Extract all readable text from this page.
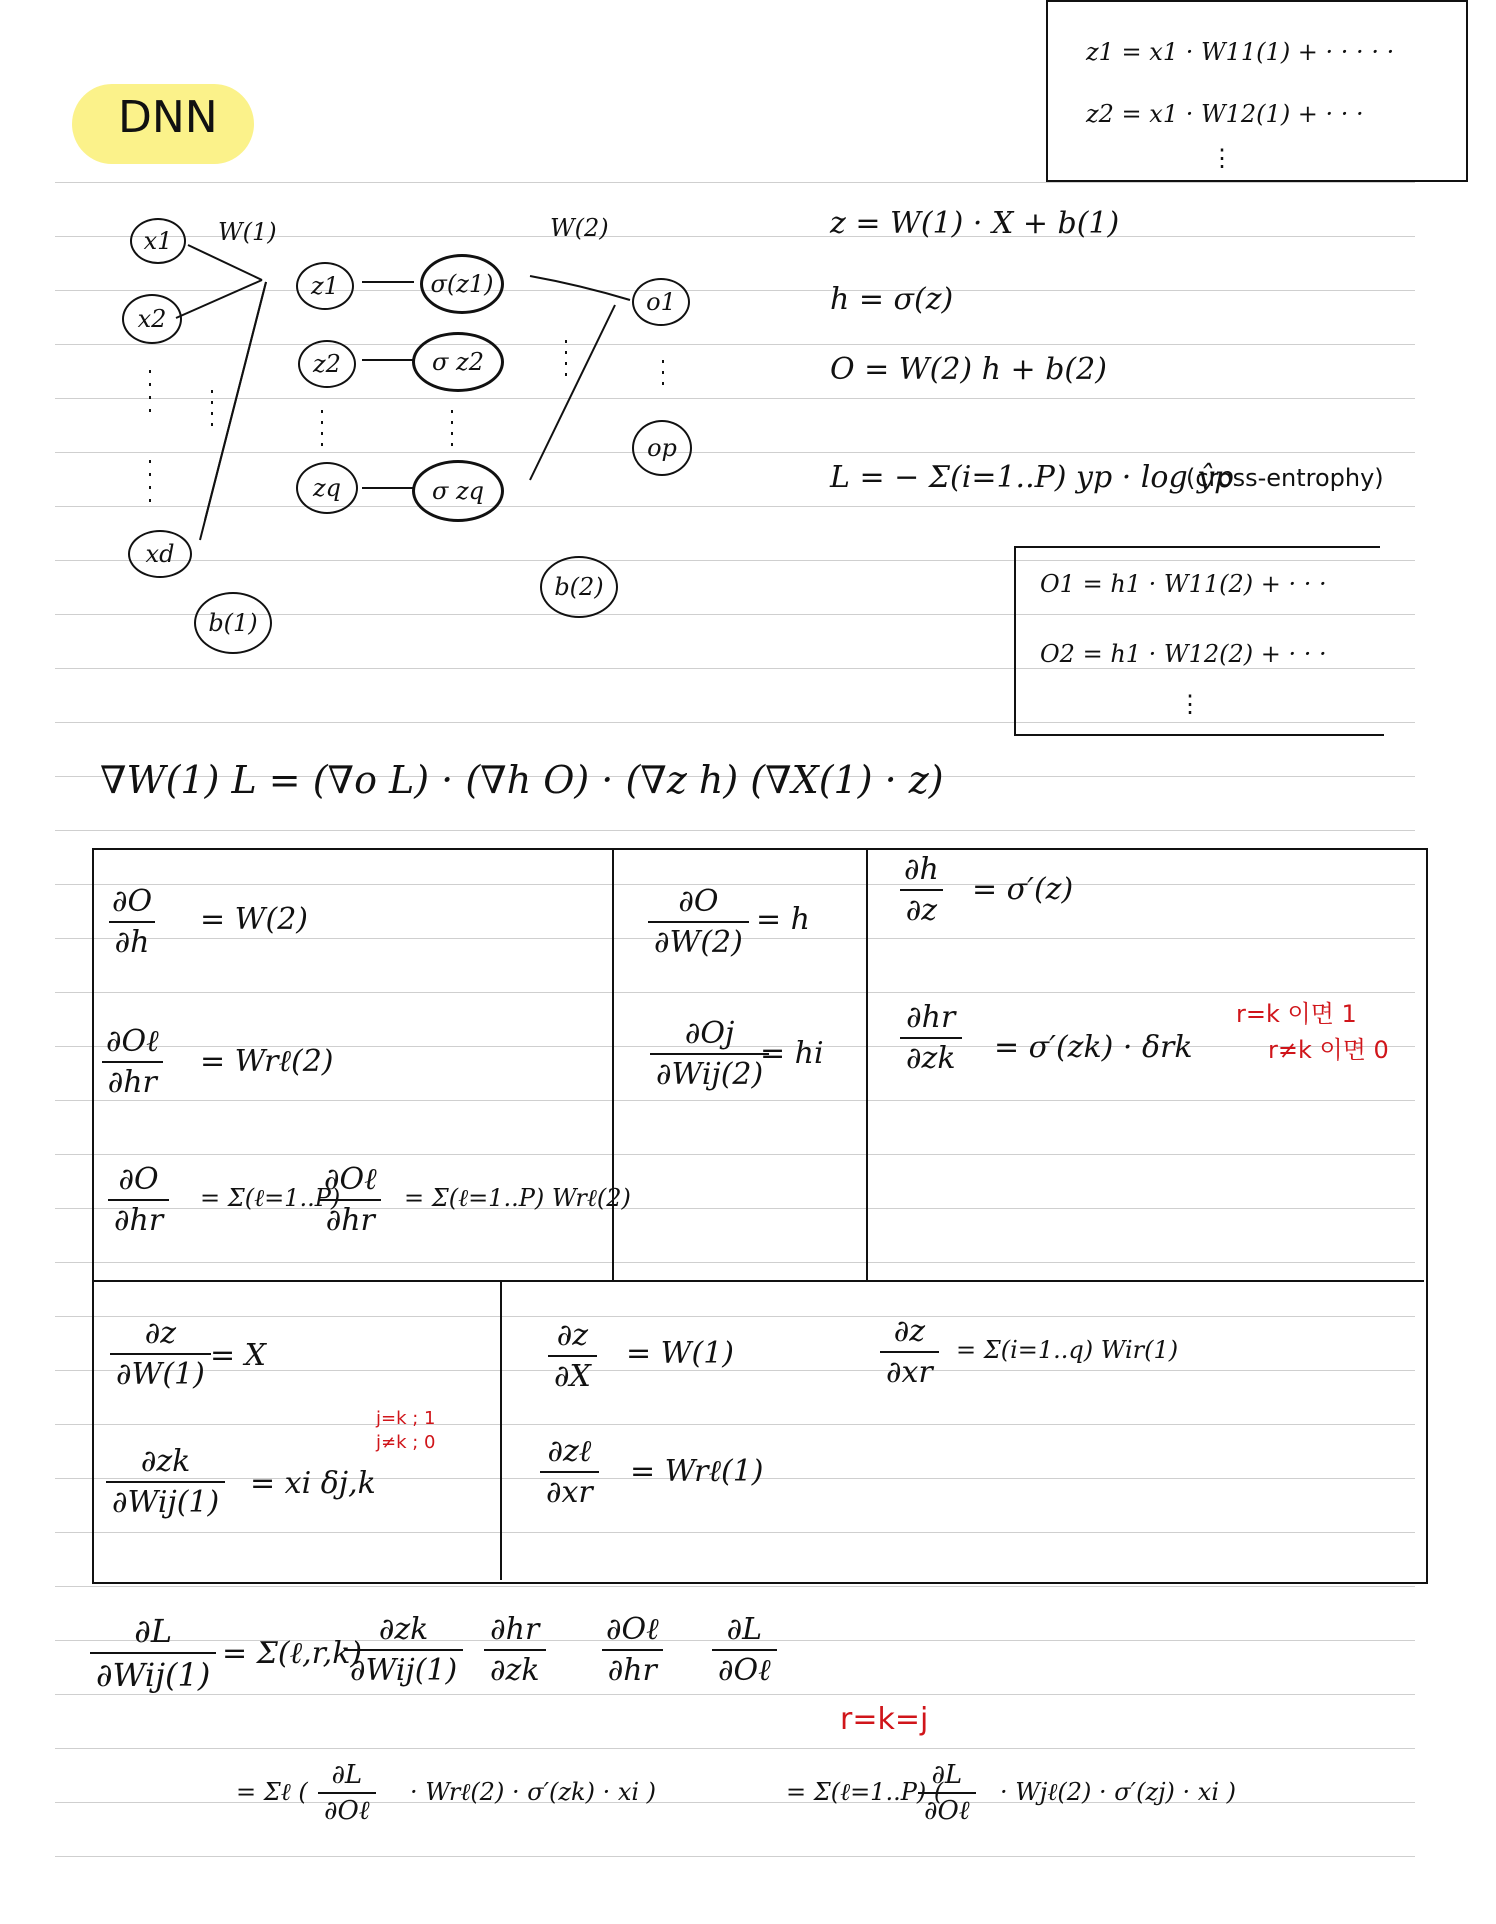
DNN
x1
x2
xd
W(1)	W(2)
z1
z2
zq
σ(z1)
σ z2
σ zq
o1
op
b(1)
b(2)
z1 = x1 · W11(1) + · · · · ·
z2 = x1 · W12(1) + · · ·
⋮
z = W(1) · X + b(1)
h = σ(z)
O = W(2) h + b(2)
L = − Σ(i=1..P) yp · log ŷp
(cross-entrophy)
O1 = h1 · W11(2) + · · ·
O2 = h1 · W12(2) + · · ·
⋮
∇W(1) L = (∇o L) · (∇h O) · (∇z h) (∇X(1) · z)
$\frac{\partial O}{\partial h} = W(2)$
∂Oℓ
∂hr
= Wrℓ(2)
$\frac{\partial O}{\partial hr}$ = Σ(ℓ=1..P)
∂Oℓ
∂hr
= Σ(ℓ=1..P) Wrℓ(2)
$\frac{\partial O}{\partial W(2)} = h$
∂Oj
∂Wij(2)
= hi
$\frac{\partial h}{\partial z} = \sigma'(z)$
$\frac{\partial hr}{\partial zk} = \sigma'(zk) \cdot \delta rk$
r=k 이면 1
r≠k 이면 0
$\frac{\partial z}{\partial W(1)} = X$
∂zk
∂Wij(1)
= xi δj,k
j=k ; 1
j≠k ; 0
$\frac{\partial z}{\partial X} = W(1)$
∂zℓ
∂xr
= Wrℓ(1)
$\frac{\partial z}{\partial xr} = \Sigma(i=1..q)$ Wir(1)
∂L
∂Wij(1)
= Σ(ℓ,r,k)
∂zk
$\partial Wij(1) \frac{\partial hr}{\partial zk}$ ∂Oℓ
∂hr
∂L
∂Oℓ
r=k=j
= Σℓ (
∂L
∂Oℓ
· Wrℓ(2) · σ′(zk) · xi )	= Σ(ℓ=1..P) (
∂L
∂Oℓ
· Wjℓ(2) · σ′(zj) · xi )
